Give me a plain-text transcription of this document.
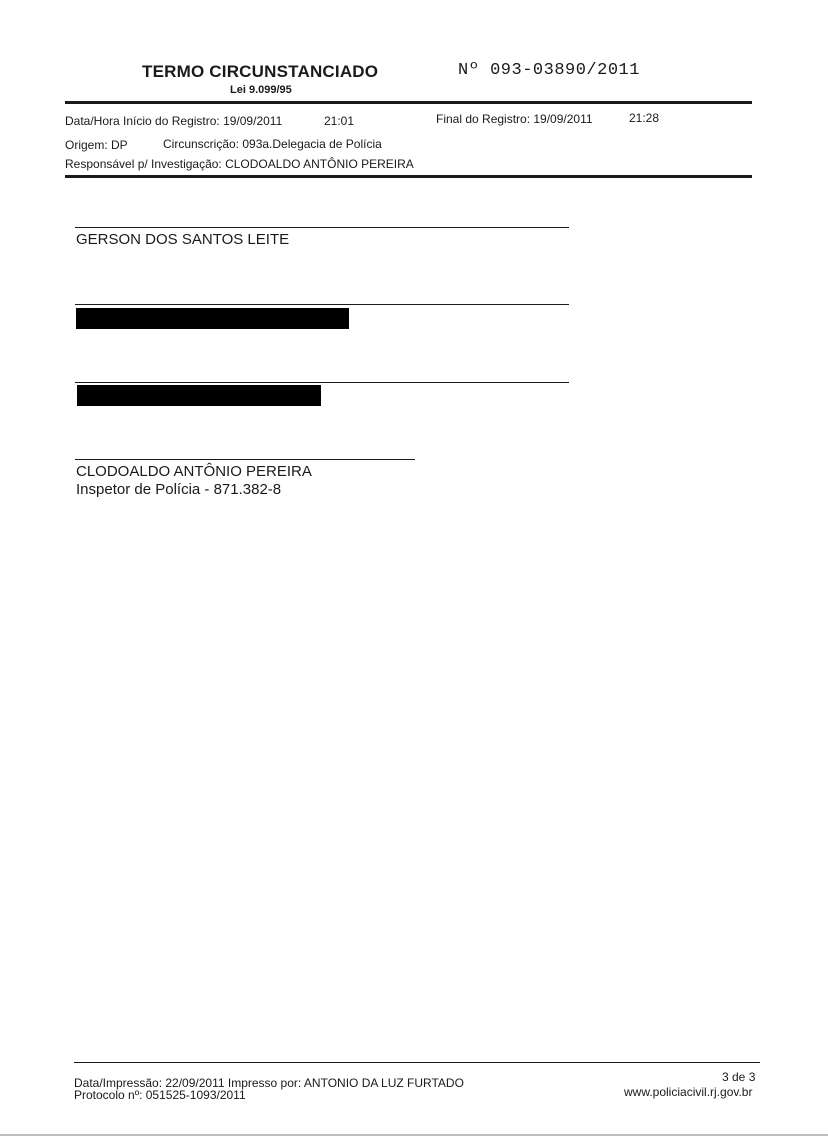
TERMO CIRCUNSTANCIADO
Lei 9.099/95
Nº 093-03890/2011
Data/Hora Início do Registro: 19/09/2011	21:01	Final do Registro: 19/09/2011	21:28
Origem: DP	Circunscrição: 093a.Delegacia de Polícia
Responsável p/ Investigação: CLODOALDO ANTÔNIO PEREIRA
GERSON DOS SANTOS LEITE
CLODOALDO ANTÔNIO PEREIRA
Inspetor de Polícia - 871.382-8
Data/Impressão: 22/09/2011 Impresso por: ANTONIO DA LUZ FURTADO
Protocolo nº: 051525-1093/2011
3 de 3
www.policiacivil.rj.gov.br
